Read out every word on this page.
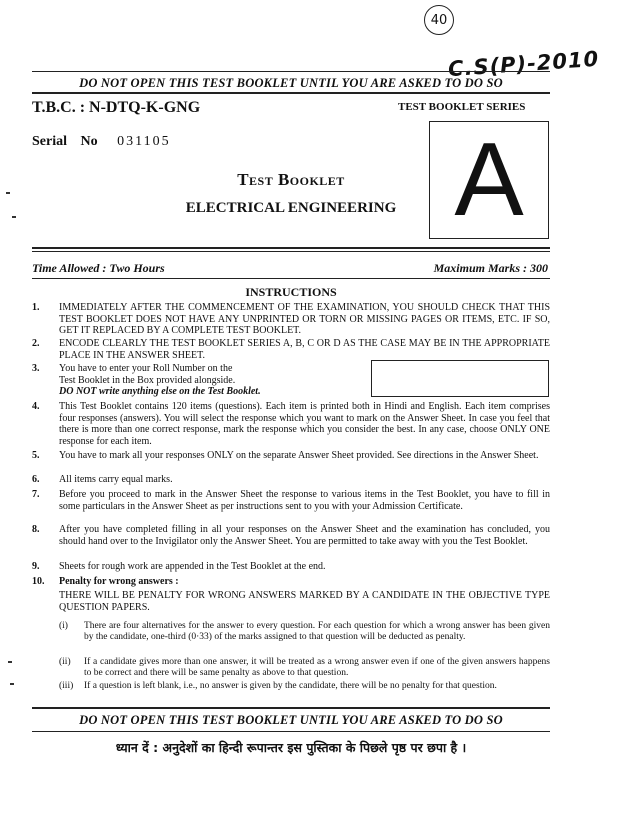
40
C.S(P)-2010
DO NOT OPEN THIS TEST BOOKLET UNTIL YOU ARE ASKED TO DO SO
T.B.C. : N-DTQ-K-GNG	TEST BOOKLET SERIES
Serial No 031105	A
Test Booklet
ELECTRICAL ENGINEERING
Time Allowed : Two Hours	Maximum Marks : 300
INSTRUCTIONS
1. IMMEDIATELY AFTER THE COMMENCEMENT OF THE EXAMINATION, YOU SHOULD CHECK THAT THIS TEST BOOKLET DOES NOT HAVE ANY UNPRINTED OR TORN OR MISSING PAGES OR ITEMS, ETC. IF SO, GET IT REPLACED BY A COMPLETE TEST BOOKLET.
2. ENCODE CLEARLY THE TEST BOOKLET SERIES A, B, C OR D AS THE CASE MAY BE IN THE APPROPRIATE PLACE IN THE ANSWER SHEET.
3. You have to enter your Roll Number on the
Test Booklet in the Box provided alongside.
DO NOT write anything else on the Test Booklet.
4. This Test Booklet contains 120 items (questions). Each item is printed both in Hindi and English. Each item comprises four responses (answers). You will select the response which you want to mark on the Answer Sheet. In case you feel that there is more than one correct response, mark the response which you consider the best. In any case, choose ONLY ONE response for each item.
5. You have to mark all your responses ONLY on the separate Answer Sheet provided. See directions in the Answer Sheet.
6. All items carry equal marks.
7. Before you proceed to mark in the Answer Sheet the response to various items in the Test Booklet, you have to fill in some particulars in the Answer Sheet as per instructions sent to you with your Admission Certificate.
8. After you have completed filling in all your responses on the Answer Sheet and the examination has concluded, you should hand over to the Invigilator only the Answer Sheet. You are permitted to take away with you the Test Booklet.
9. Sheets for rough work are appended in the Test Booklet at the end.
10. Penalty for wrong answers :
THERE WILL BE PENALTY FOR WRONG ANSWERS MARKED BY A CANDIDATE IN THE OBJECTIVE TYPE QUESTION PAPERS.
(i) There are four alternatives for the answer to every question. For each question for which a wrong answer has been given by the candidate, one-third (0·33) of the marks assigned to that question will be deducted as penalty.
(ii) If a candidate gives more than one answer, it will be treated as a wrong answer even if one of the given answers happens to be correct and there will be same penalty as above to that question.
(iii) If a question is left blank, i.e., no answer is given by the candidate, there will be no penalty for that question.
DO NOT OPEN THIS TEST BOOKLET UNTIL YOU ARE ASKED TO DO SO
ध्यान दें : अनुदेशों का हिन्दी रूपान्तर इस पुस्तिका के पिछले पृष्ठ पर छपा है ।
